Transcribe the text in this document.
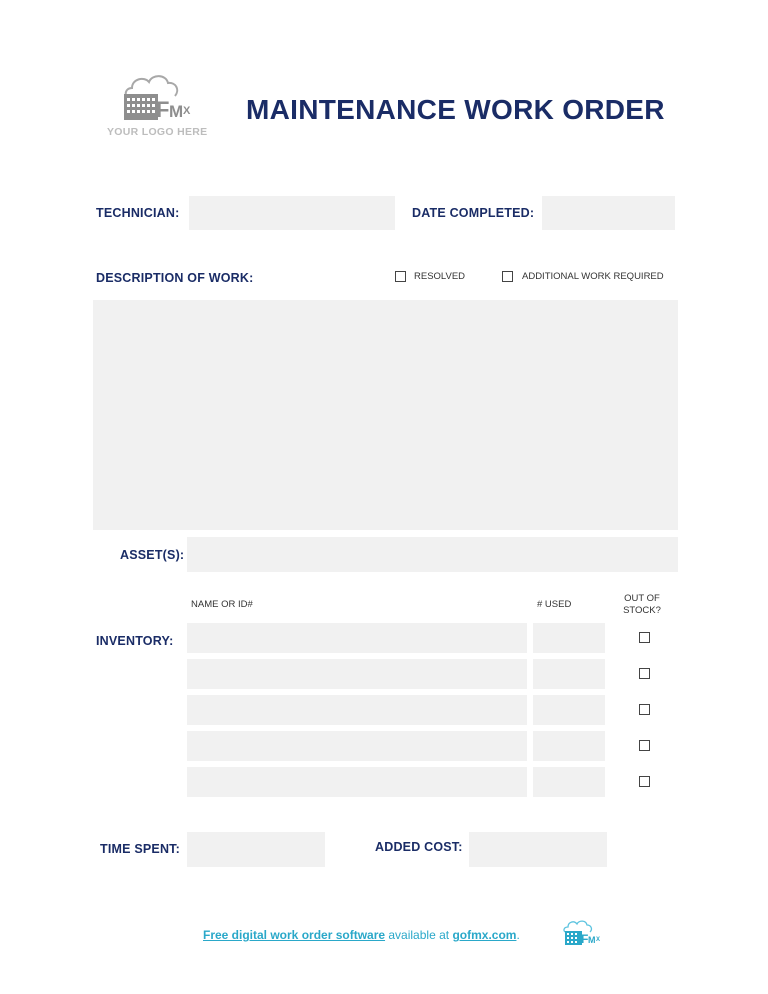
F M X
YOUR LOGO HERE
MAINTENANCE WORK ORDER
TECHNICIAN:	DATE COMPLETED:
DESCRIPTION OF WORK:	RESOLVED	ADDITIONAL WORK REQUIRED
ASSET(S):
NAME OR ID#	# USED
OUT OF
STOCK?
INVENTORY:
TIME SPENT:	ADDED COST:
Free digital work order software available at gofmx.com.	F M X
